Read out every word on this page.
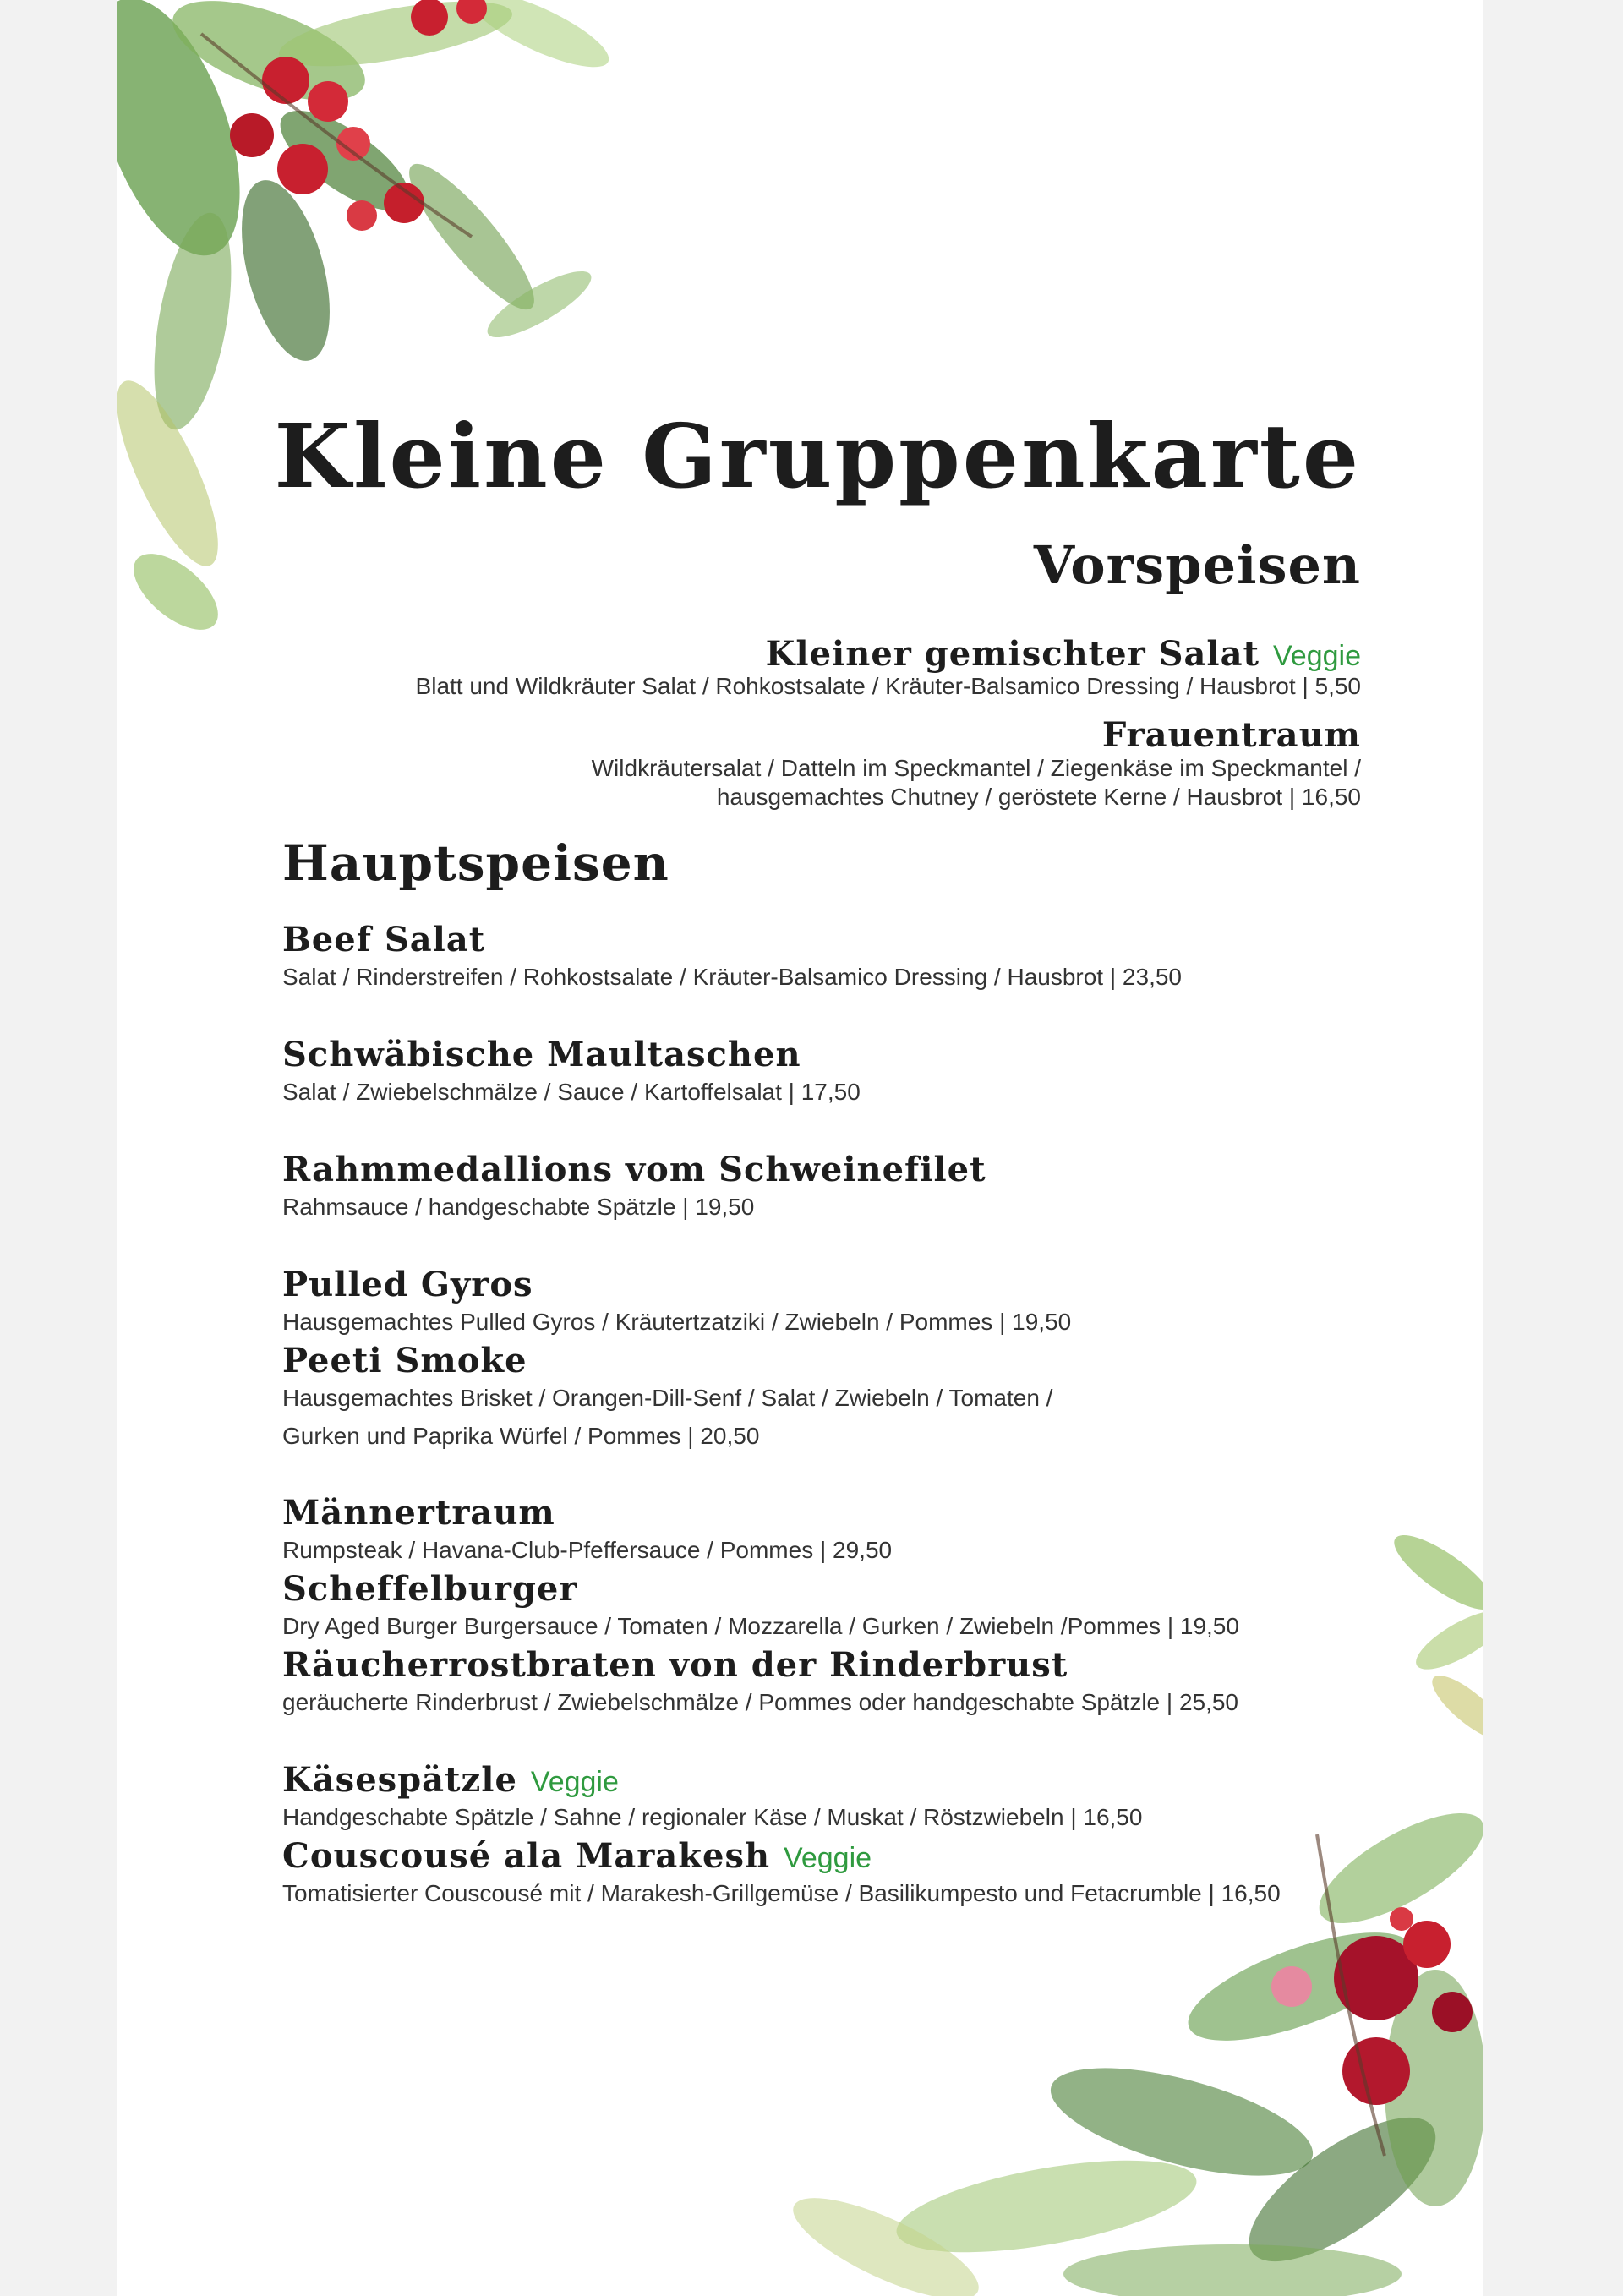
Kleine Gruppenkarte
Vorspeisen
Kleiner gemischter Salat Veggie
Blatt und Wildkräuter Salat / Rohkostsalate / Kräuter-Balsamico Dressing / Hausbrot | 5,50
Frauentraum
Wildkräutersalat / Datteln im Speckmantel / Ziegenkäse im Speckmantel /
hausgemachtes Chutney / geröstete Kerne / Hausbrot | 16,50
Hauptspeisen
Beef Salat
Salat / Rinderstreifen / Rohkostsalate / Kräuter-Balsamico Dressing / Hausbrot | 23,50
Schwäbische Maultaschen
Salat / Zwiebelschmälze / Sauce / Kartoffelsalat | 17,50
Rahmmedallions vom Schweinefilet
Rahmsauce / handgeschabte Spätzle | 19,50
Pulled Gyros
Hausgemachtes Pulled Gyros / Kräutertzatziki / Zwiebeln / Pommes | 19,50
Peeti Smoke
Hausgemachtes Brisket / Orangen-Dill-Senf / Salat / Zwiebeln / Tomaten /
Gurken und Paprika Würfel / Pommes | 20,50
Männertraum
Rumpsteak / Havana-Club-Pfeffersauce / Pommes | 29,50
Scheffelburger
Dry Aged Burger Burgersauce / Tomaten / Mozzarella / Gurken / Zwiebeln /Pommes | 19,50
Räucherrostbraten von der Rinderbrust
geräucherte Rinderbrust / Zwiebelschmälze / Pommes oder handgeschabte Spätzle | 25,50
Käsespätzle Veggie
Handgeschabte Spätzle / Sahne / regionaler Käse / Muskat / Röstzwiebeln | 16,50
Couscousé ala Marakesh Veggie
Tomatisierter Couscousé mit / Marakesh-Grillgemüse / Basilikumpesto und Fetacrumble | 16,50
